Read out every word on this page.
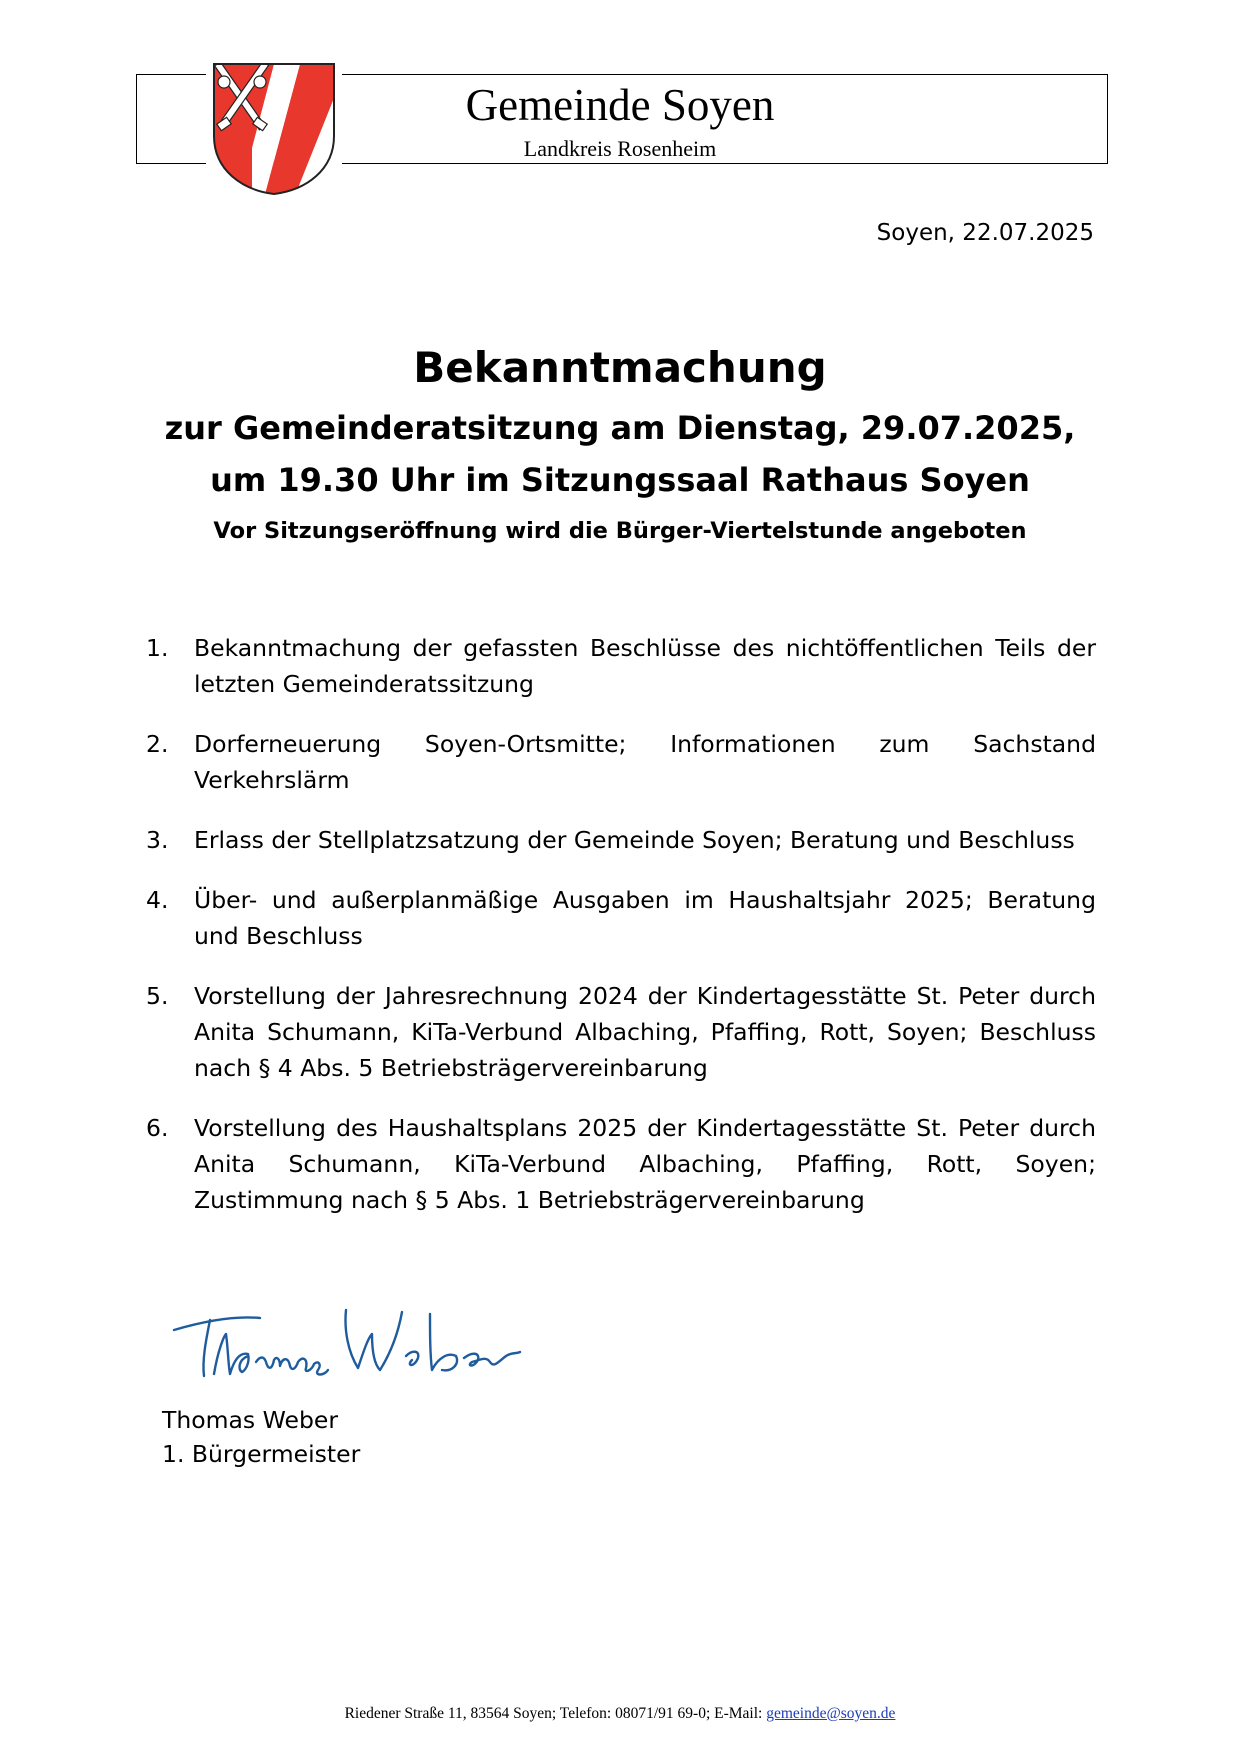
Gemeinde Soyen
Landkreis Rosenheim
Soyen, 22.07.2025
Bekanntmachung
zur Gemeinderatsitzung am Dienstag, 29.07.2025,
um 19.30 Uhr im Sitzungssaal Rathaus Soyen
Vor Sitzungseröffnung wird die Bürger-Viertelstunde angeboten
1.	Bekanntmachung der gefassten Beschlüsse des nichtöffentlichen Teils der letzten Gemeinderatssitzung
2.	Dorferneuerung Soyen-Ortsmitte; Informationen zum Sachstand Verkehrslärm
3.	Erlass der Stellplatzsatzung der Gemeinde Soyen; Beratung und Beschluss
4.	Über- und außerplanmäßige Ausgaben im Haushaltsjahr 2025; Beratung und Beschluss
5.	Vorstellung der Jahresrechnung 2024 der Kindertagesstätte St. Peter durch Anita Schumann, KiTa-Verbund Albaching, Pfaffing, Rott, Soyen; Beschluss nach § 4 Abs. 5 Betriebsträgervereinbarung
6.	Vorstellung des Haushaltsplans 2025 der Kindertagesstätte St. Peter durch Anita Schumann, KiTa-Verbund Albaching, Pfaffing, Rott, Soyen; Zustimmung nach § 5 Abs. 1 Betriebsträgervereinbarung
Thomas Weber
1. Bürgermeister
Riedener Straße 11, 83564 Soyen; Telefon: 08071/91 69-0; E-Mail: gemeinde@soyen.de
